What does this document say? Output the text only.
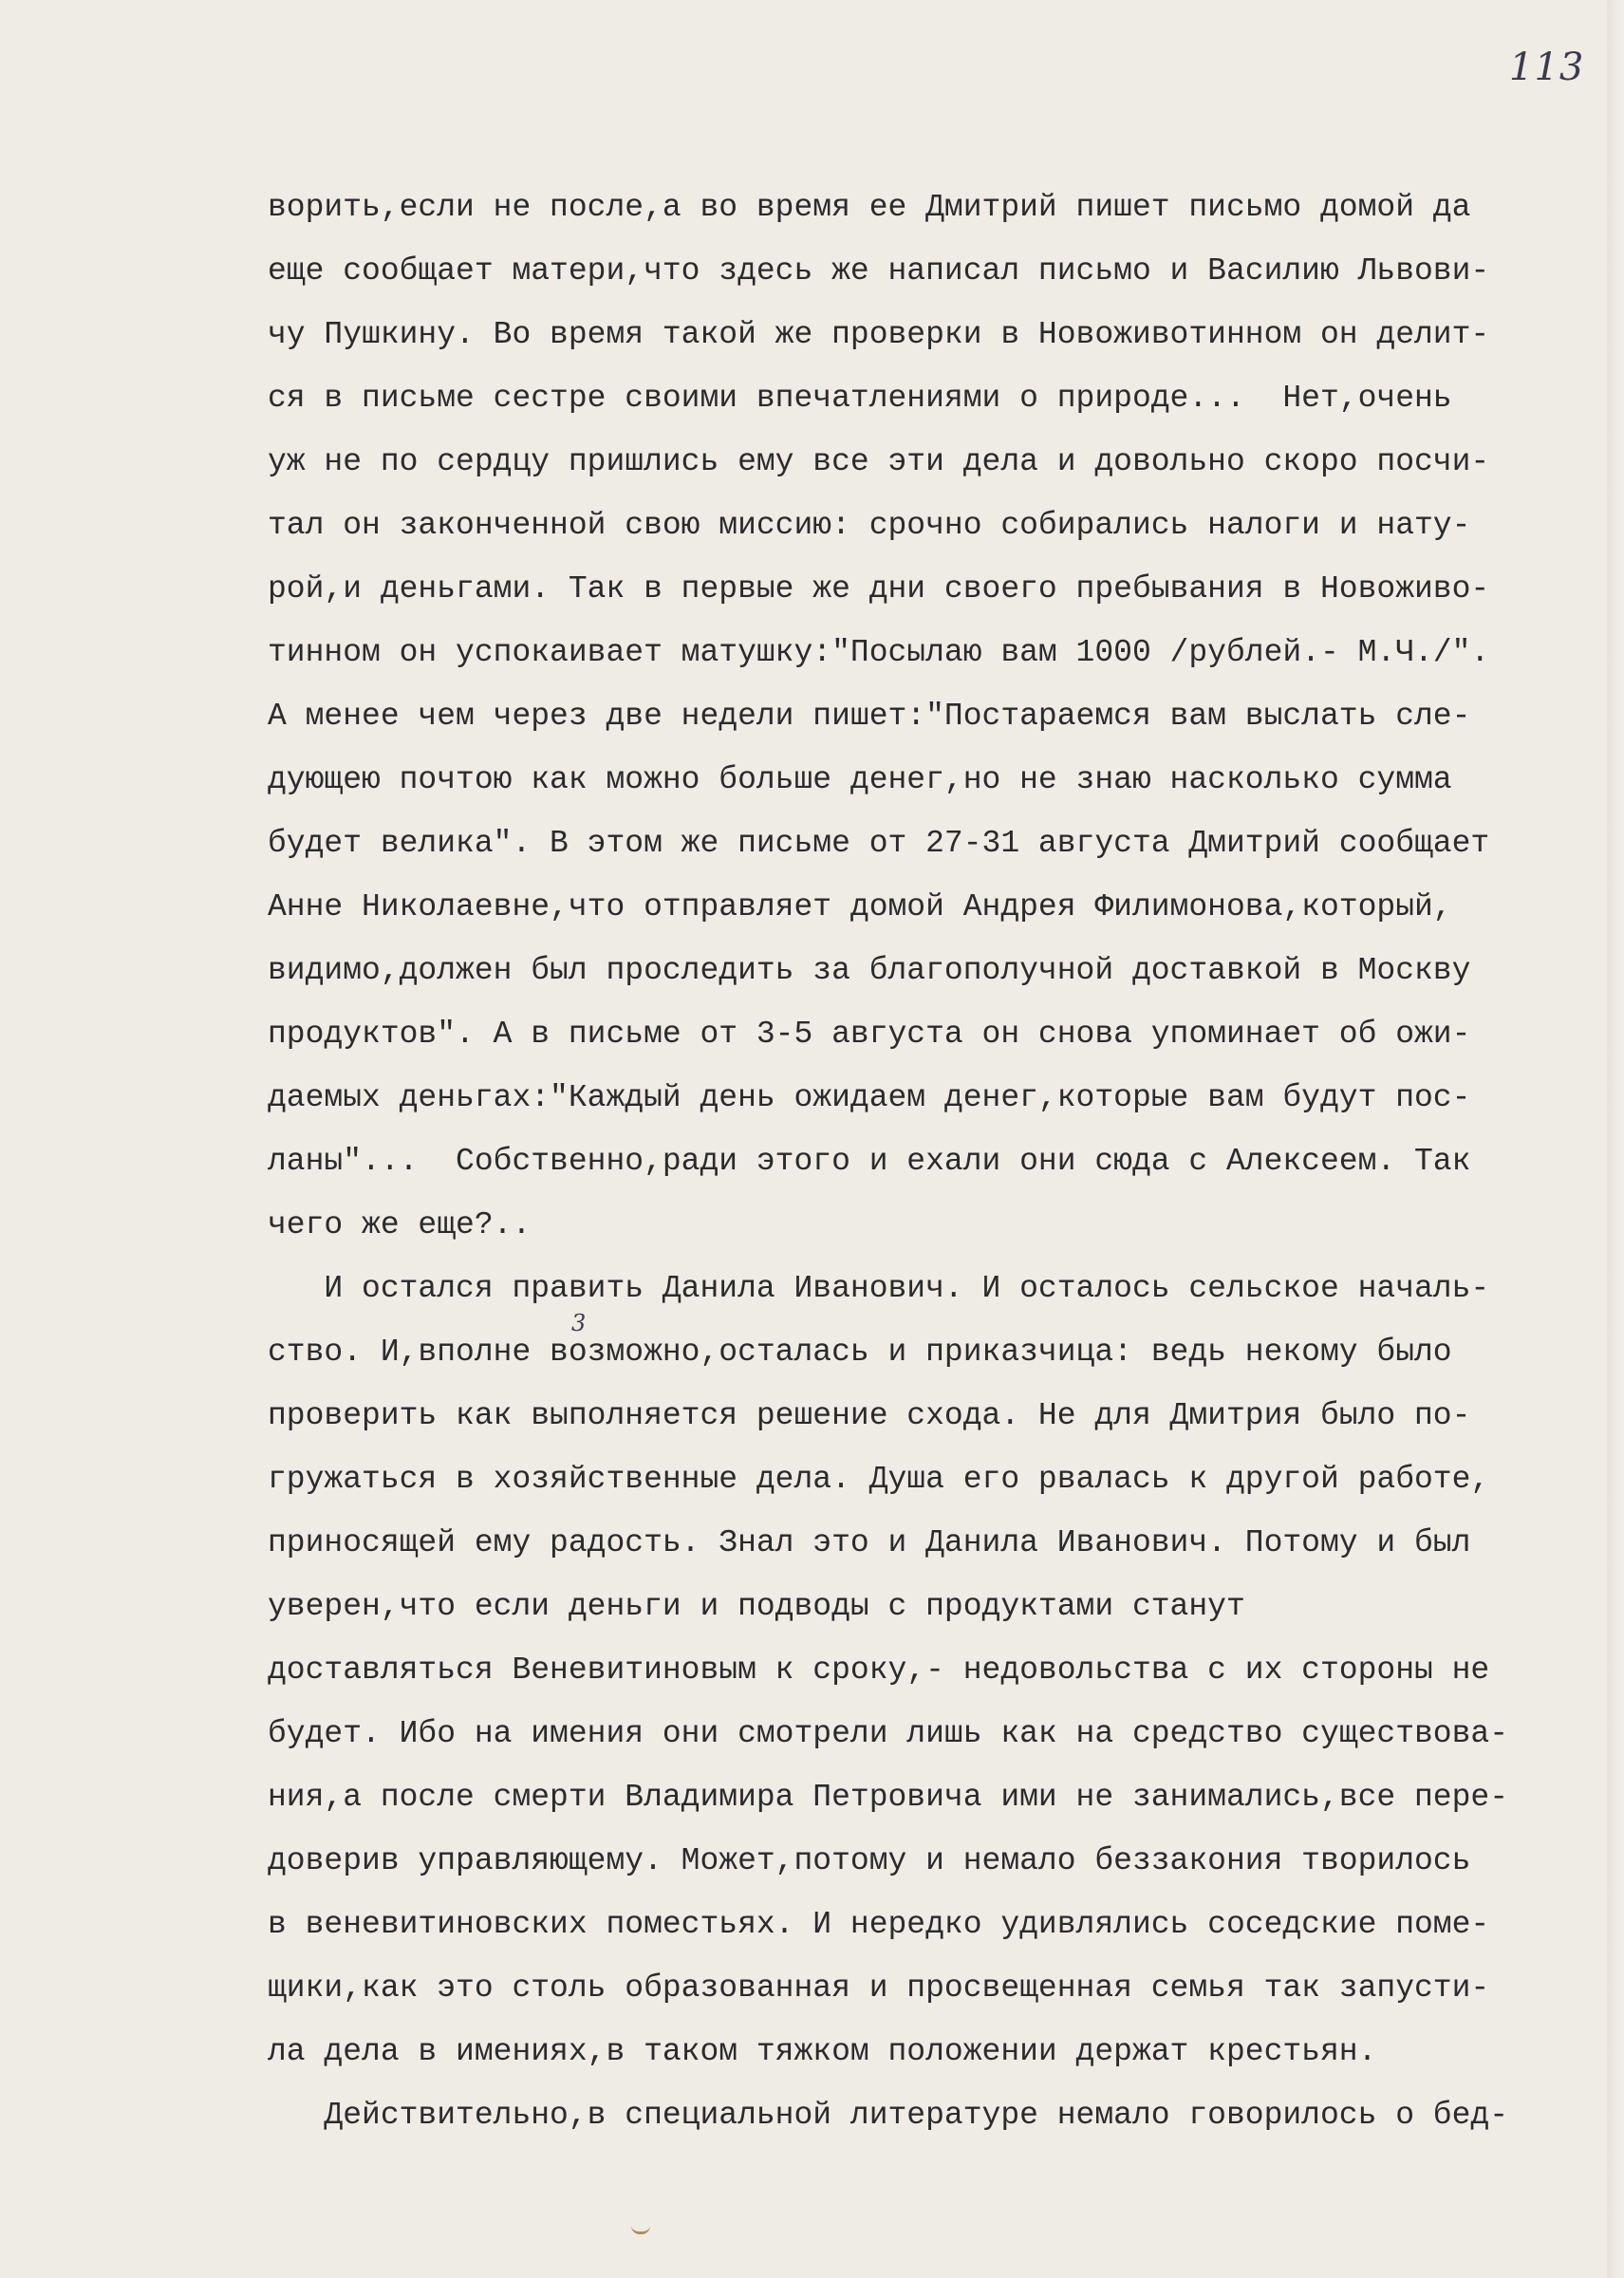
113
3
ворить,если не после,а во время ее Дмитрий пишет письмо домой да
еще сообщает матери,что здесь же написал письмо и Василию Львови-
чу Пушкину. Во время такой же проверки в Новоживотинном он делит-
ся в письме сестре своими впечатлениями о природе...  Нет,очень
уж не по сердцу пришлись ему все эти дела и довольно скоро посчи-
тал он законченной свою миссию: срочно собирались налоги и нату-
рой,и деньгами. Так в первые же дни своего пребывания в Новоживо-
тинном он успокаивает матушку:"Посылаю вам 1000 /рублей.- М.Ч./".
А менее чем через две недели пишет:"Постараемся вам выслать сле-
дующею почтою как можно больше денег,но не знаю насколько сумма
будет велика". В этом же письме от 27-31 августа Дмитрий сообщает
Анне Николаевне,что отправляет домой Андрея Филимонова,который,
видимо,должен был проследить за благополучной доставкой в Москву
продуктов". А в письме от 3-5 августа он снова упоминает об ожи-
даемых деньгах:"Каждый день ожидаем денег,которые вам будут пос-
ланы"...  Собственно,ради этого и ехали они сюда с Алексеем. Так
чего же еще?..
И остался править Данила Иванович. И осталось сельское началь-
ство. И,вполне возможно,осталась и приказчица: ведь некому было
проверить как выполняется решение схода. Не для Дмитрия было по-
гружаться в хозяйственные дела. Душа его рвалась к другой работе,
приносящей ему радость. Знал это и Данила Иванович. Потому и был
уверен,что если деньги и подводы с продуктами станут
доставляться Веневитиновым к сроку,- недовольства с их стороны не
будет. Ибо на имения они смотрели лишь как на средство существова-
ния,а после смерти Владимира Петровича ими не занимались,все пере-
доверив управляющему. Может,потому и немало беззакония творилось
в веневитиновских поместьях. И нередко удивлялись соседские поме-
щики,как это столь образованная и просвещенная семья так запусти-
ла дела в имениях,в таком тяжком положении держат крестьян.
Действительно,в специальной литературе немало говорилось о бед-
